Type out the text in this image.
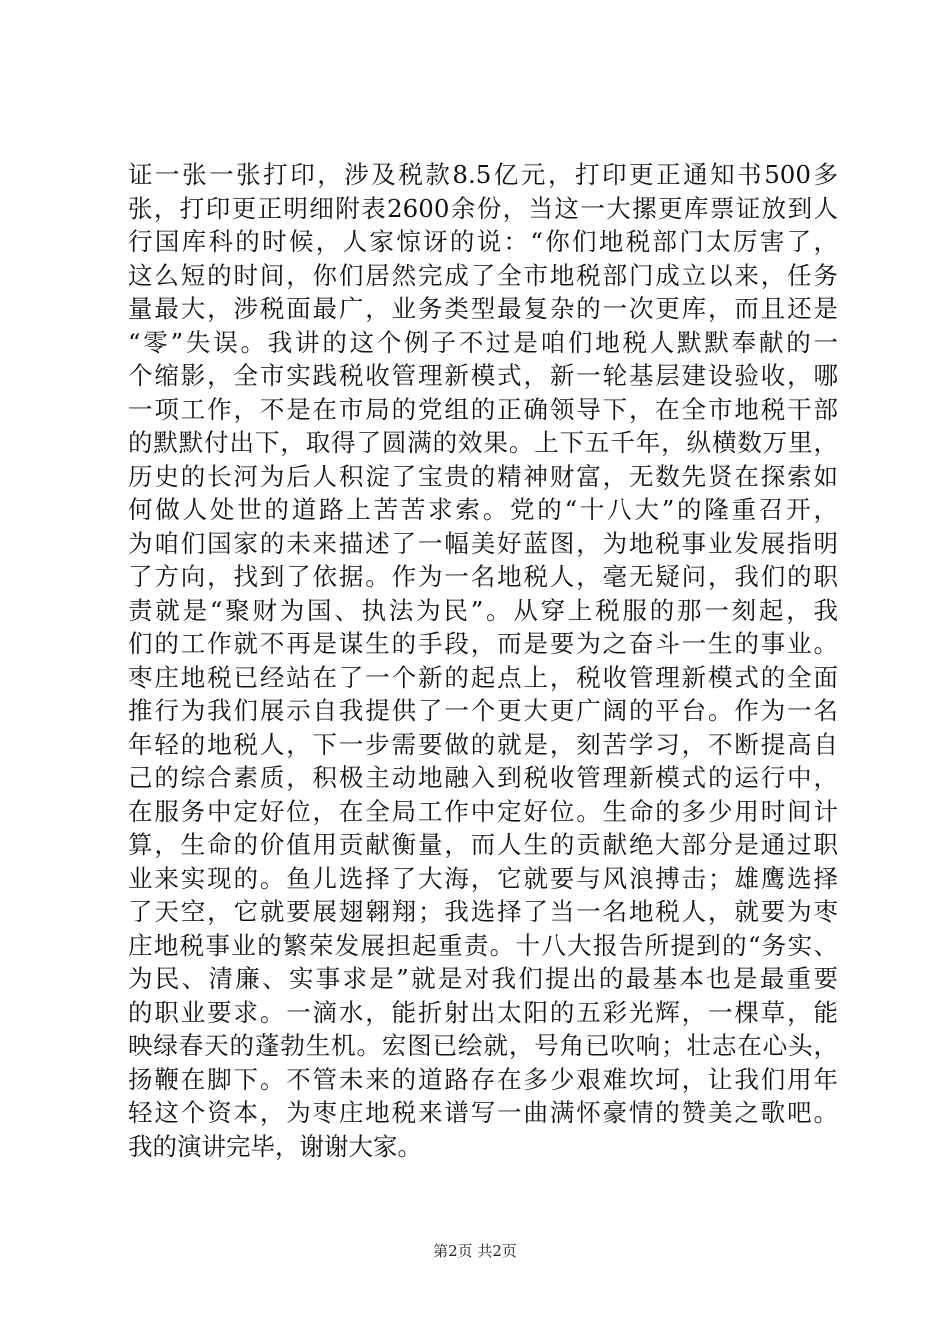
证一张一张打印，涉及税款8.5亿元，打印更正通知书500多
张，打印更正明细附表2600余份，当这一大摞更库票证放到人
行国库科的时候，人家惊讶的说：“你们地税部门太厉害了，
这么短的时间，你们居然完成了全市地税部门成立以来，任务
量最大，涉税面最广，业务类型最复杂的一次更库，而且还是
“零”失误。我讲的这个例子不过是咱们地税人默默奉献的一
个缩影，全市实践税收管理新模式，新一轮基层建设验收，哪
一项工作，不是在市局的党组的正确领导下，在全市地税干部
的默默付出下，取得了圆满的效果。上下五千年，纵横数万里，
历史的长河为后人积淀了宝贵的精神财富，无数先贤在探索如
何做人处世的道路上苦苦求索。党的“十八大”的隆重召开，
为咱们国家的未来描述了一幅美好蓝图，为地税事业发展指明
了方向，找到了依据。作为一名地税人，毫无疑问，我们的职
责就是“聚财为国、执法为民”。从穿上税服的那一刻起，我
们的工作就不再是谋生的手段，而是要为之奋斗一生的事业。
枣庄地税已经站在了一个新的起点上，税收管理新模式的全面
推行为我们展示自我提供了一个更大更广阔的平台。作为一名
年轻的地税人，下一步需要做的就是，刻苦学习，不断提高自
己的综合素质，积极主动地融入到税收管理新模式的运行中，
在服务中定好位，在全局工作中定好位。生命的多少用时间计
算，生命的价值用贡献衡量，而人生的贡献绝大部分是通过职
业来实现的。鱼儿选择了大海，它就要与风浪搏击；雄鹰选择
了天空，它就要展翅翱翔；我选择了当一名地税人，就要为枣
庄地税事业的繁荣发展担起重责。十八大报告所提到的“务实、
为民、清廉、实事求是”就是对我们提出的最基本也是最重要
的职业要求。一滴水，能折射出太阳的五彩光辉，一棵草，能
映绿春天的蓬勃生机。宏图已绘就，号角已吹响；壮志在心头，
扬鞭在脚下。不管未来的道路存在多少艰难坎坷，让我们用年
轻这个资本，为枣庄地税来谱写一曲满怀豪情的赞美之歌吧。
我的演讲完毕，谢谢大家。
第2页 共2页
